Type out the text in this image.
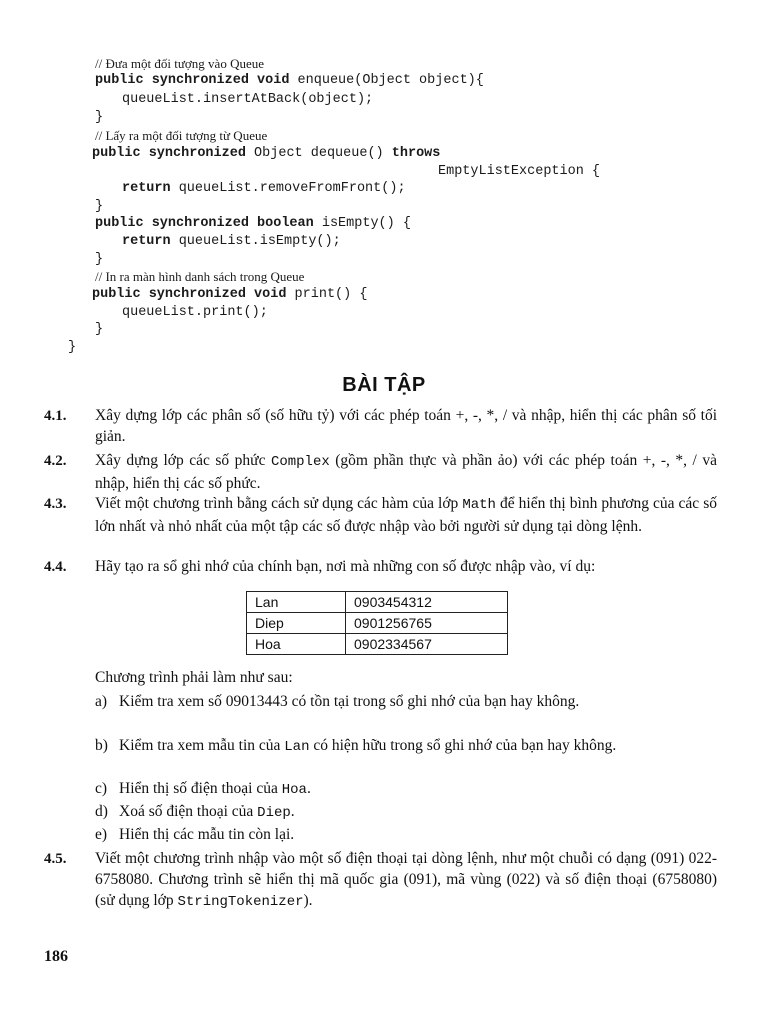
// Đưa một đối tượng vào Queue
public synchronized void enqueue(Object object){
queueList.insertAtBack(object);
}
// Lấy ra một đối tượng từ Queue
public synchronized Object dequeue() throws
EmptyListException {
return queueList.removeFromFront();
}
public synchronized boolean isEmpty() {
return queueList.isEmpty();
}
// In ra màn hình danh sách trong Queue
public synchronized void print() {
queueList.print();
}
}
BÀI TẬP
4.1. Xây dựng lớp các phân số (số hữu tỷ) với các phép toán +, -, *, / và nhập, hiển thị các phân số tối giản.
4.2. Xây dựng lớp các số phức Complex (gồm phần thực và phần ảo) với các phép toán +, -, *, / và nhập, hiển thị các số phức.
4.3. Viết một chương trình bằng cách sử dụng các hàm của lớp Math để hiển thị bình phương của các số lớn nhất và nhỏ nhất của một tập các số được nhập vào bởi người sử dụng tại dòng lệnh.
4.4. Hãy tạo ra sổ ghi nhớ của chính bạn, nơi mà những con số được nhập vào, ví dụ:
Lan	0903454312
Diep	0901256765
Hoa	0902334567
Chương trình phải làm như sau:
a) Kiểm tra xem số 09013443 có tồn tại trong sổ ghi nhớ của bạn hay không.
b) Kiểm tra xem mẫu tin của Lan có hiện hữu trong sổ ghi nhớ của bạn hay không.
c) Hiển thị số điện thoại của Hoa.
d) Xoá số điện thoại của Diep.
e) Hiển thị các mẫu tin còn lại.
4.5. Viết một chương trình nhập vào một số điện thoại tại dòng lệnh, như một chuỗi có dạng (091) 022-6758080. Chương trình sẽ hiển thị mã quốc gia (091), mã vùng (022) và số điện thoại (6758080) (sử dụng lớp StringTokenizer).
186
